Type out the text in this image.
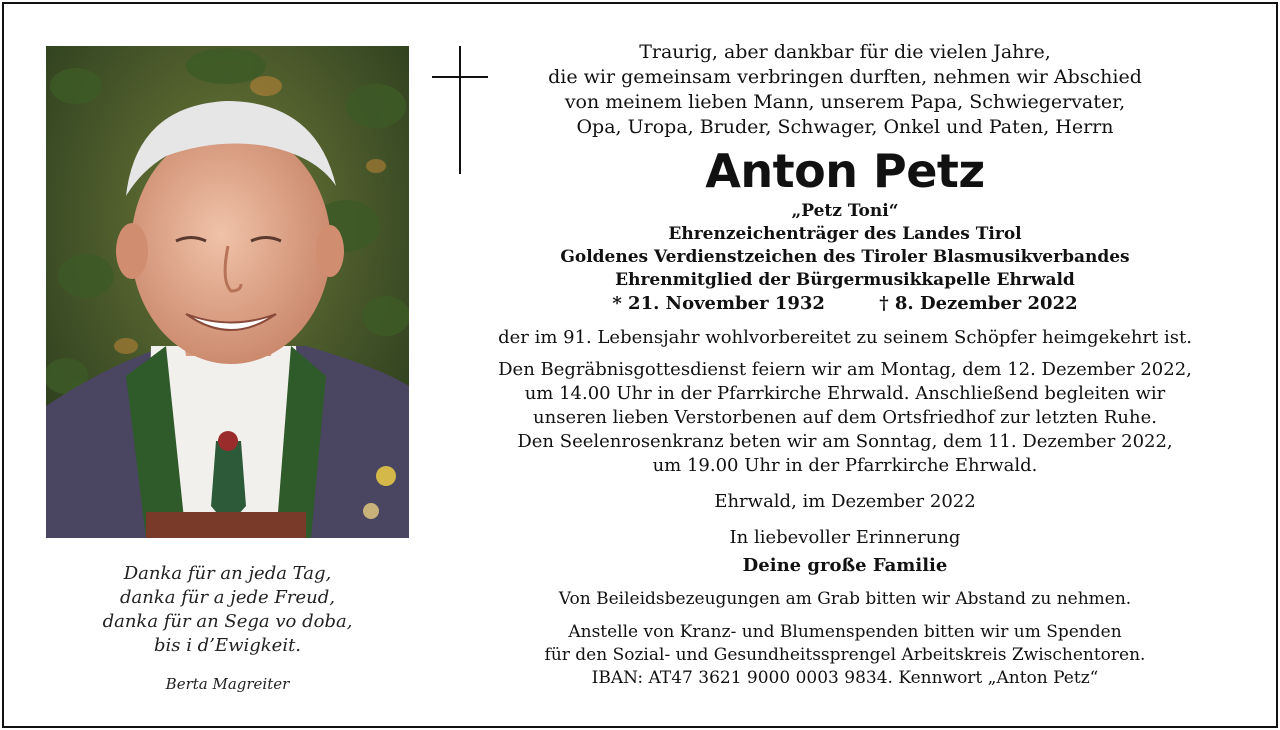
Danka für an jeda Tag,
danka für a jede Freud,
danka für an Sega vo doba,
bis i d’Ewigkeit.
Berta Magreiter
Traurig, aber dankbar für die vielen Jahre,
die wir gemeinsam verbringen durften, nehmen wir Abschied
von meinem lieben Mann, unserem Papa, Schwiegervater,
Opa, Uropa, Bruder, Schwager, Onkel und Paten, Herrn
Anton Petz
„Petz Toni“
Ehrenzeichenträger des Landes Tirol
Goldenes Verdienstzeichen des Tiroler Blasmusikverbandes
Ehrenmitglied der Bürgermusikkapelle Ehrwald
* 21. November 1932	† 8. Dezember 2022
der im 91. Lebensjahr wohlvorbereitet zu seinem Schöpfer heimgekehrt ist.
Den Begräbnisgottesdienst feiern wir am Montag, dem 12. Dezember 2022,
um 14.00 Uhr in der Pfarrkirche Ehrwald. Anschließend begleiten wir
unseren lieben Verstorbenen auf dem Ortsfriedhof zur letzten Ruhe.
Den Seelenrosenkranz beten wir am Sonntag, dem 11. Dezember 2022,
um 19.00 Uhr in der Pfarrkirche Ehrwald.
Ehrwald, im Dezember 2022
In liebevoller Erinnerung
Deine große Familie
Von Beileidsbezeugungen am Grab bitten wir Abstand zu nehmen.
Anstelle von Kranz- und Blumenspenden bitten wir um Spenden
für den Sozial- und Gesundheitssprengel Arbeitskreis Zwischentoren.
IBAN: AT47 3621 9000 0003 9834. Kennwort „Anton Petz“
